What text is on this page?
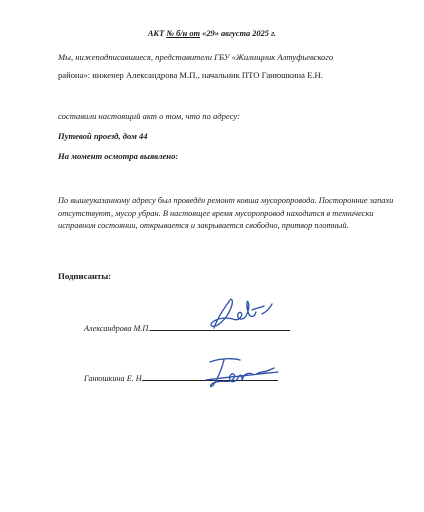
АКТ № б/н от «29» августа 2025 г.
Мы, нижеподписавшиеся, представители ГБУ «Жилищник Алтуфьевского
района»: инженер Александрова М.П., начальник ПТО Ганюшкина Е.Н.
составили настоящий акт о том, что по адресу:
Путевой проезд, дом 44
На момент осмотра выявлено:
По вышеуказанному адресу был проведён ремонт ковша мусоропровода. Посторонние запахи отсутствуют, мусор убран. В настоящее время мусоропровод находится в технически исправном состоянии, открывается и закрывается свободно, притвор плотный.
Подписанты:
Александрова М.П.
Ганюшкина Е. Н
